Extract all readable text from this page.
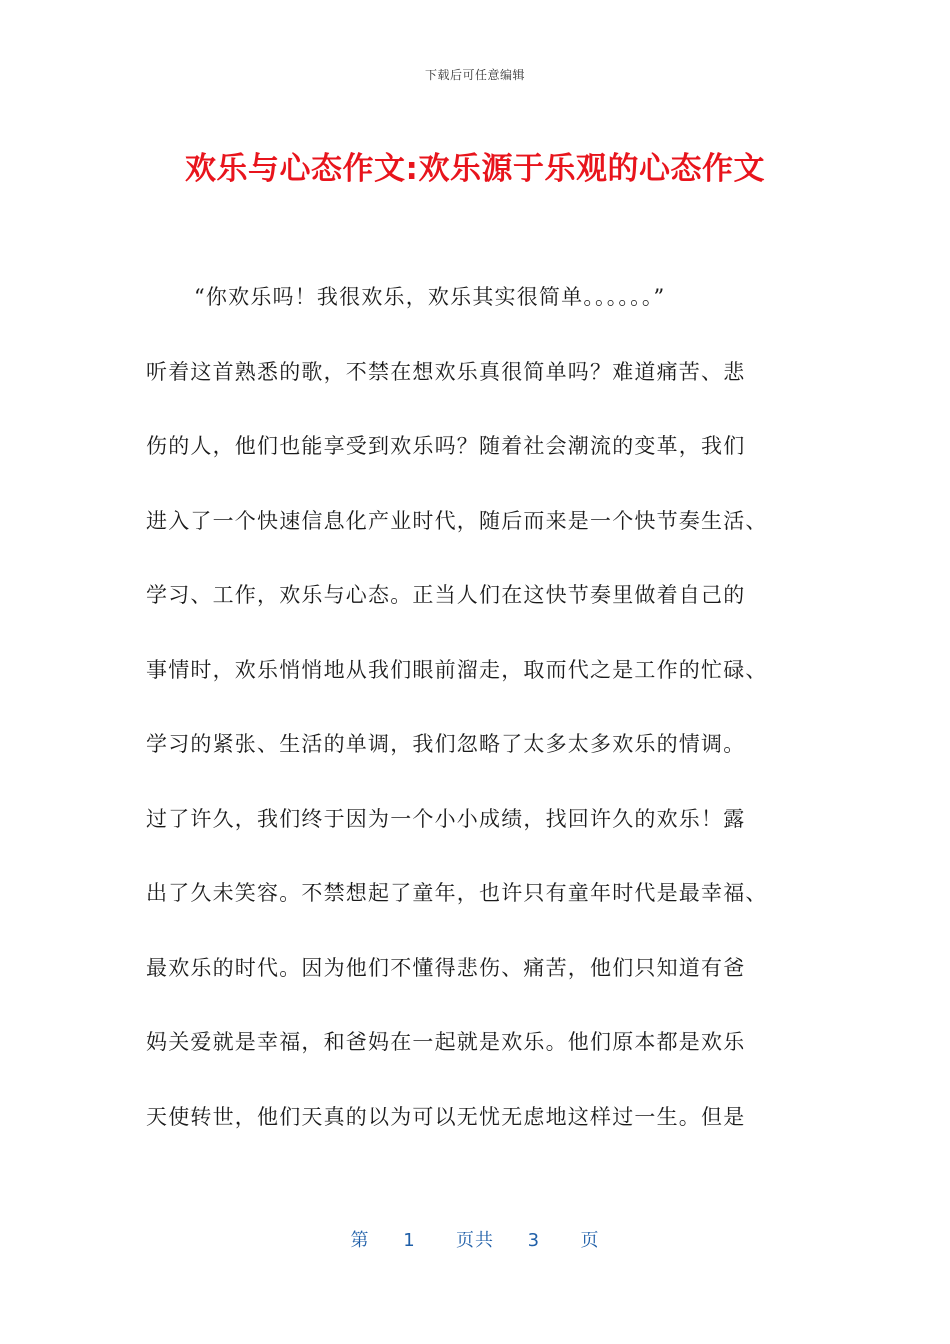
下载后可任意编辑
欢乐与心态作文:欢乐源于乐观的心态作文
“你欢乐吗！我很欢乐，欢乐其实很简单。。。。。。”
听着这首熟悉的歌，不禁在想欢乐真很简单吗？难道痛苦、悲
伤的人，他们也能享受到欢乐吗？随着社会潮流的变革，我们
进入了一个快速信息化产业时代，随后而来是一个快节奏生活、
学习、工作，欢乐与心态。正当人们在这快节奏里做着自己的
事情时，欢乐悄悄地从我们眼前溜走，取而代之是工作的忙碌、
学习的紧张、生活的单调，我们忽略了太多太多欢乐的情调。
过了许久，我们终于因为一个小小成绩，找回许久的欢乐！露
出了久未笑容。不禁想起了童年，也许只有童年时代是最幸福、
最欢乐的时代。因为他们不懂得悲伤、痛苦，他们只知道有爸
妈关爱就是幸福，和爸妈在一起就是欢乐。他们原本都是欢乐
天使转世，他们天真的以为可以无忧无虑地这样过一生。但是
第 1 页共 3 页
